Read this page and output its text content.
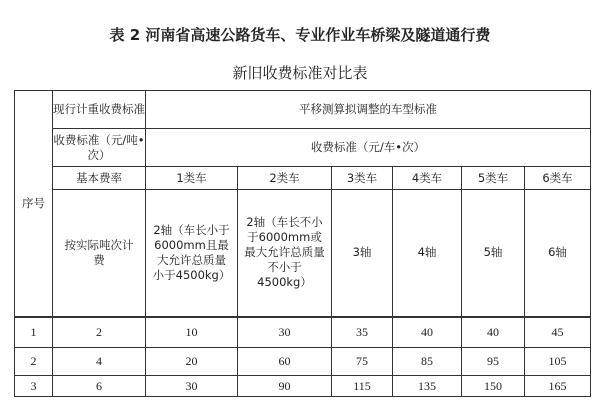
表 2 河南省高速公路货车、专业作业车桥梁及隧道通行费
新旧收费标准对比表
序号	现行计重收费标准	平移测算拟调整的车型标准					
	收费标准（元/吨•次）	收费标准（元/车•次）					
	基本费率	1类车	2类车	3类车	4类车	5类车	6类车
	按实际吨次计费	2轴（车长小于6000mm且最大允许总质量小于4500kg）	2轴（车长不小于6000mm或最大允许总质量不小于4500kg）	3轴	4轴	5轴	6轴
1	2	10	30	35	40	40	45
2	4	20	60	75	85	95	105
3	6	30	90	115	135	150	165
